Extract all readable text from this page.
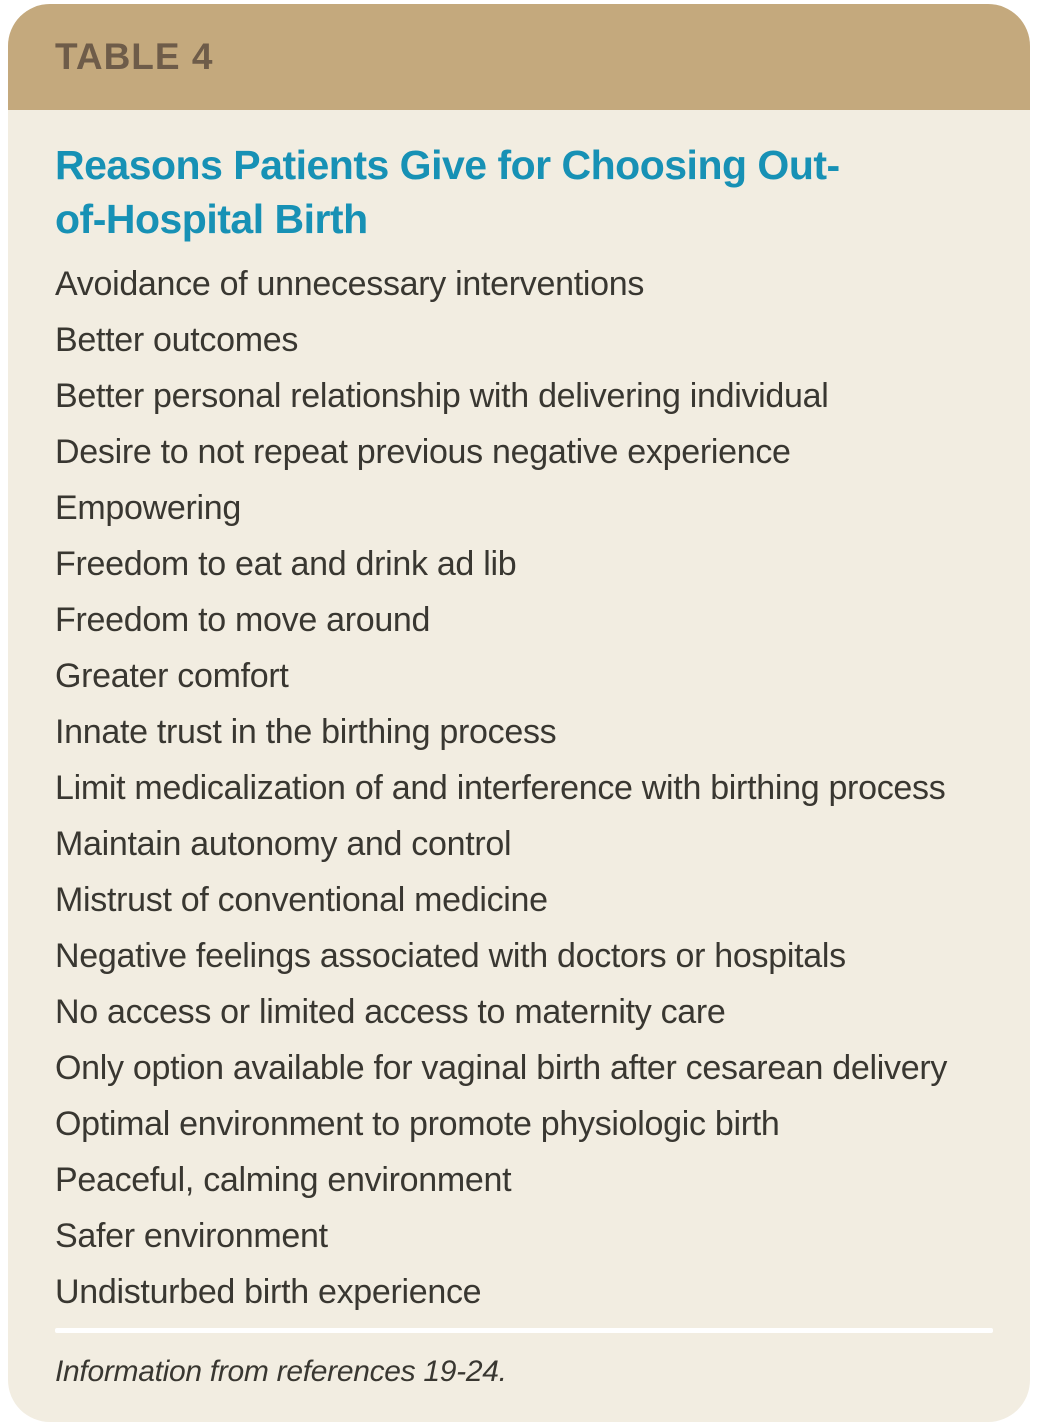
TABLE 4
Reasons Patients Give for Choosing Out-of-Hospital Birth
Avoidance of unnecessary interventions
Better outcomes
Better personal relationship with delivering individual
Desire to not repeat previous negative experience
Empowering
Freedom to eat and drink ad lib
Freedom to move around
Greater comfort
Innate trust in the birthing process
Limit medicalization of and interference with birthing process
Maintain autonomy and control
Mistrust of conventional medicine
Negative feelings associated with doctors or hospitals
No access or limited access to maternity care
Only option available for vaginal birth after cesarean delivery
Optimal environment to promote physiologic birth
Peaceful, calming environment
Safer environment
Undisturbed birth experience
Information from references 19-24.
